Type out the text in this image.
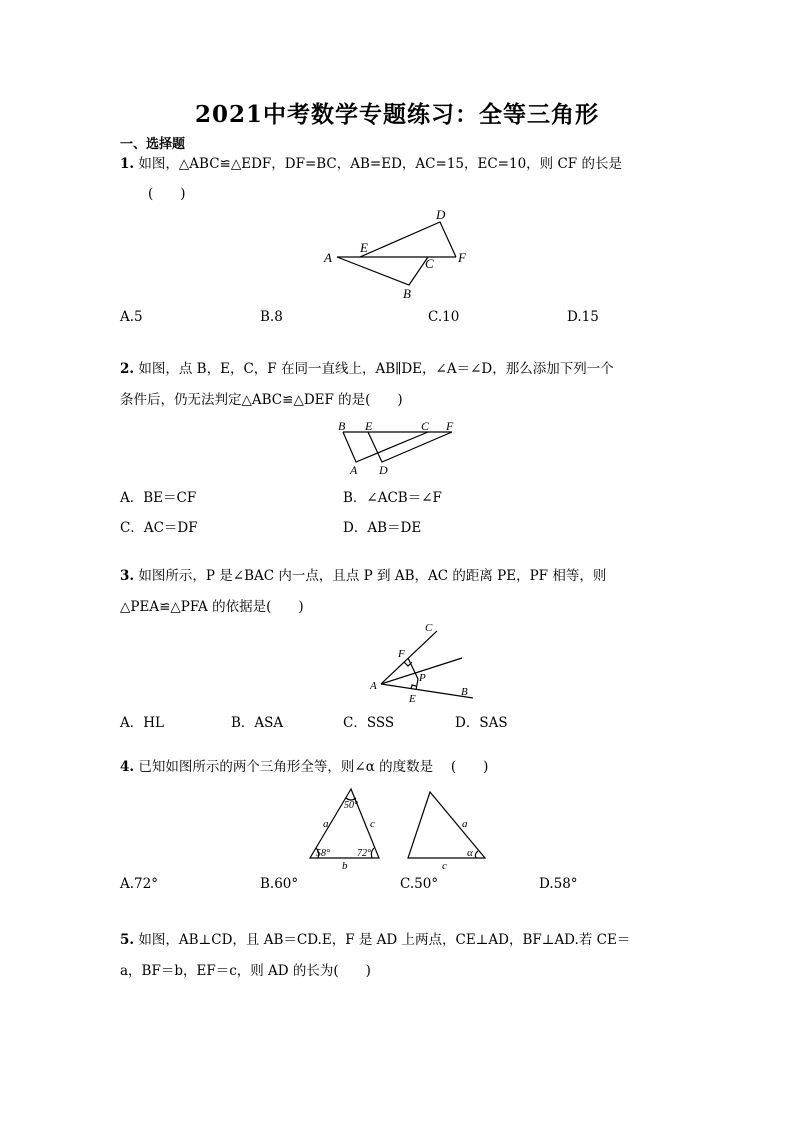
2021中考数学专题练习：全等三角形
一、选择题
1. 如图，△ABC≌△EDF，DF=BC，AB=ED，AC=15，EC=10，则 CF 的长是
(　　)
A
B
C
D
E
F
A.5	B.8	C.10	D.15
2. 如图，点 B，E，C，F 在同一直线上，AB∥DE，∠A＝∠D，那么添加下列一个
条件后，仍无法判定△ABC≌△DEF 的是(　　)
B E	C F
A D
A．BE＝CF	B．∠ACB＝∠F
C．AC＝DF	D．AB＝DE
3. 如图所示，P 是∠BAC 内一点，且点 P 到 AB，AC 的距离 PE，PF 相等，则
△PEA≌△PFA 的依据是(　　)
C
F
P
A
E
B
A．HL	B．ASA	C．SSS	D．SAS
4. 已知如图所示的两个三角形全等，则∠α 的度数是　 (　　)
50°
a	c
58°	72°
b
a
c
α
A.72°	B.60°	C.50°	D.58°
5. 如图，AB⊥CD，且 AB＝CD.E，F 是 AD 上两点，CE⊥AD，BF⊥AD.若 CE＝
a，BF＝b，EF＝c，则 AD 的长为(　　)
